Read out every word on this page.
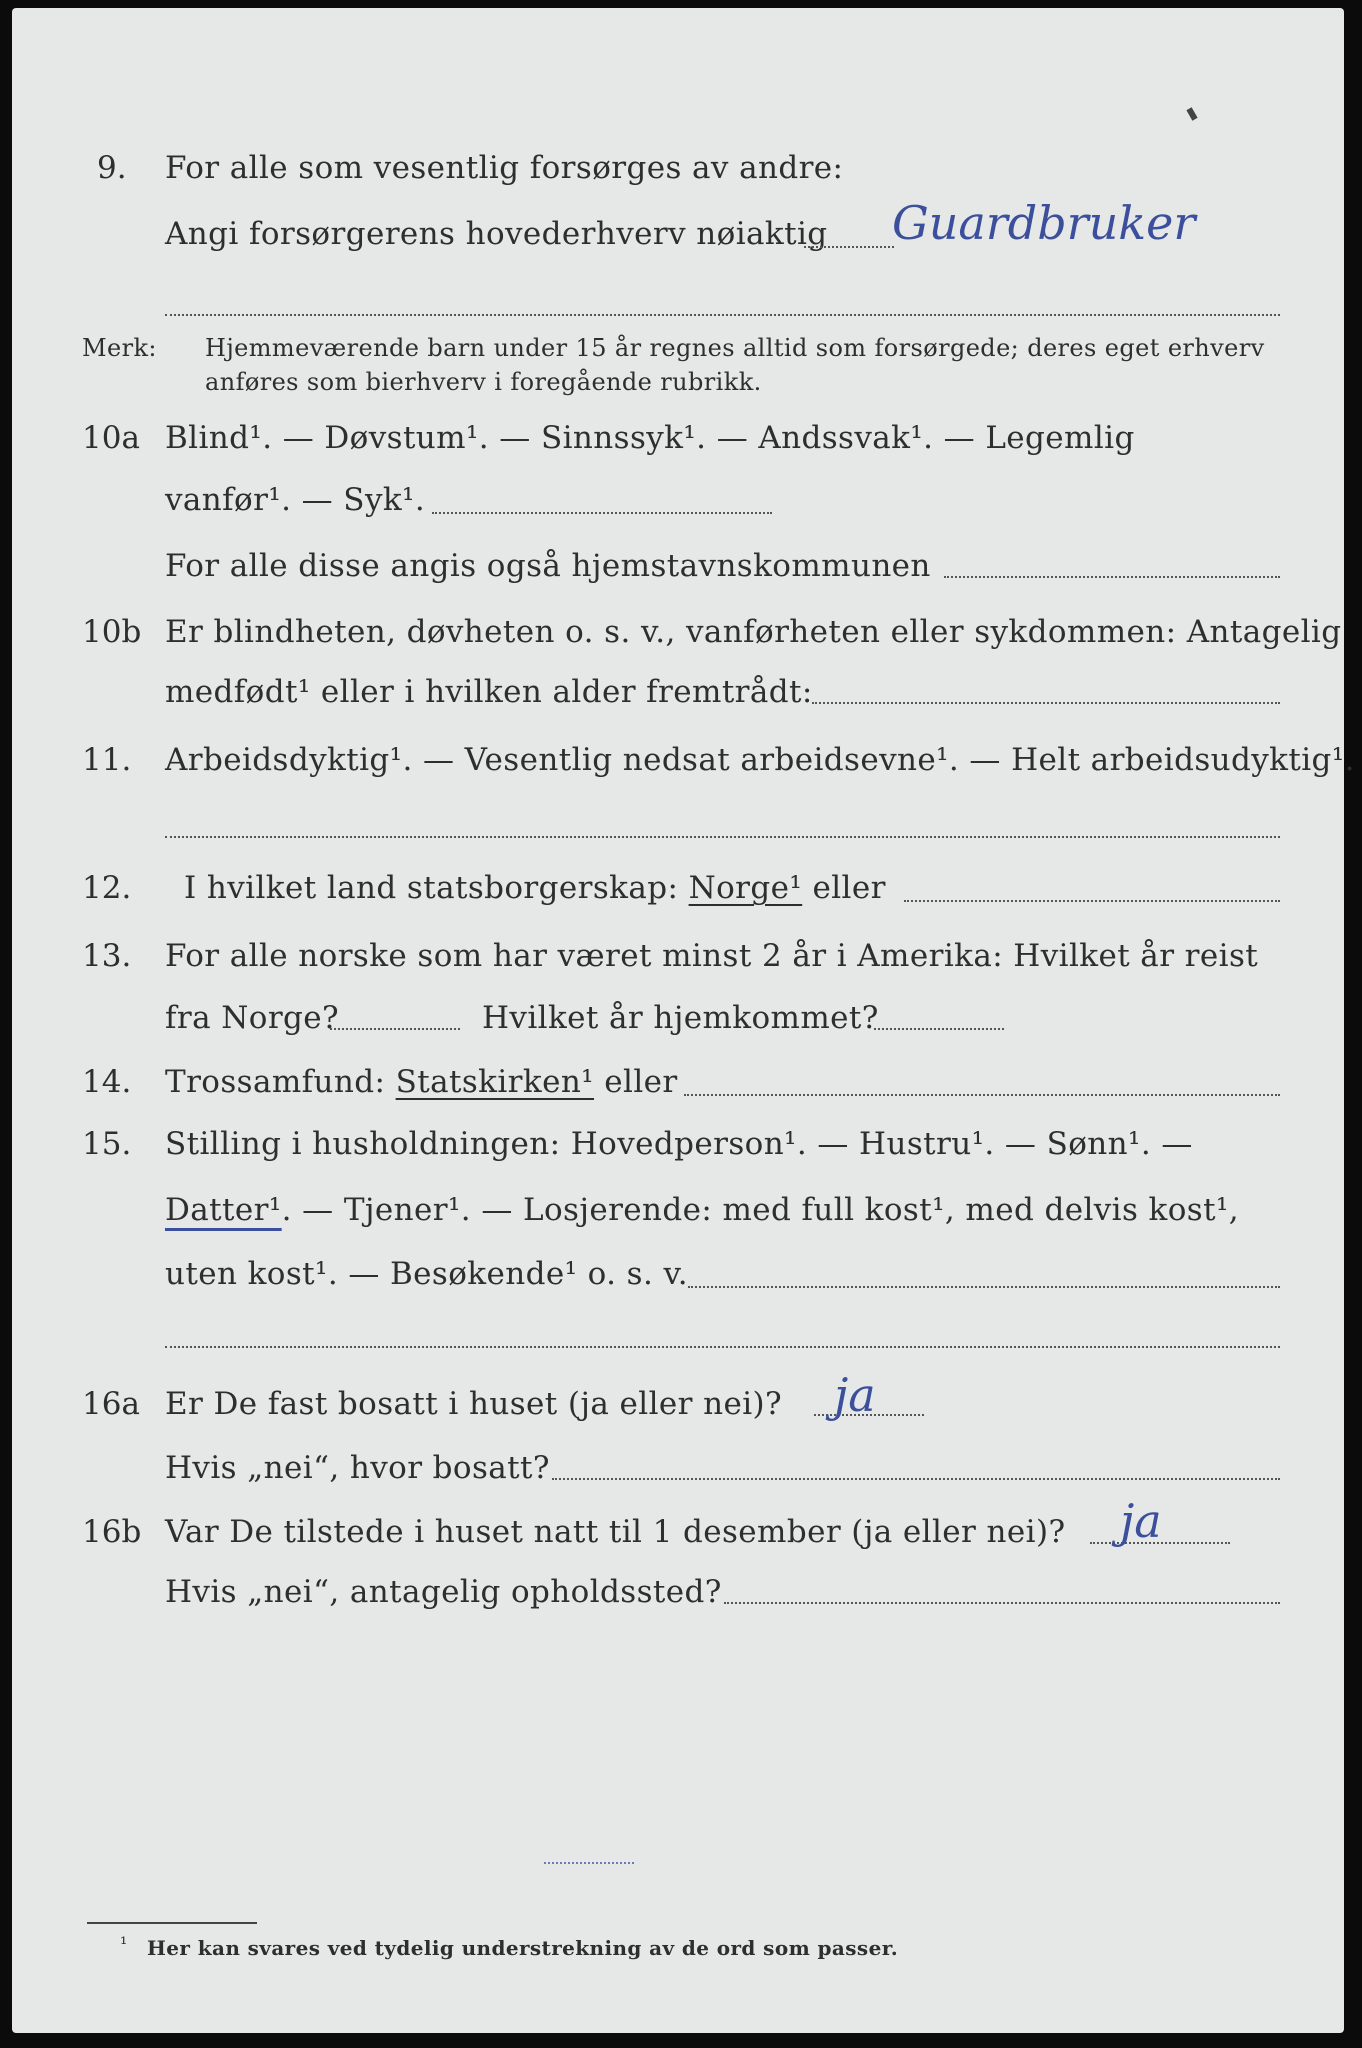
9. For alle som vesentlig forsørges av andre:
Angi forsørgerens hovederhverv nøiaktig Guardbruker
Merk: Hjemmeværende barn under 15 år regnes alltid som forsørgede; deres eget erhverv
anføres som bierhverv i foregående rubrikk.
10a Blind¹. — Døvstum¹. — Sinnssyk¹. — Andssvak¹. — Legemlig
vanfør¹. — Syk¹.
For alle disse angis også hjemstavnskommunen
10b Er blindheten, døvheten o. s. v., vanførheten eller sykdommen: Antagelig
medfødt¹ eller i hvilken alder fremtrådt:
11. Arbeidsdyktig¹. — Vesentlig nedsat arbeidsevne¹. — Helt arbeidsudyktig¹.
12. I hvilket land statsborgerskap: Norge¹ eller
13. For alle norske som har været minst 2 år i Amerika: Hvilket år reist
fra Norge?	Hvilket år hjemkommet?
14. Trossamfund: Statskirken¹ eller
15. Stilling i husholdningen: Hovedperson¹. — Hustru¹. — Sønn¹. —
Datter¹. — Tjener¹. — Losjerende: med full kost¹, med delvis kost¹,
uten kost¹. — Besøkende¹ o. s. v.
16a Er De fast bosatt i huset (ja eller nei)? ja
Hvis „nei“, hvor bosatt?
16b Var De tilstede i huset natt til 1 desember (ja eller nei)? ja
Hvis „nei“, antagelig opholdssted?
¹ Her kan svares ved tydelig understrekning av de ord som passer.
